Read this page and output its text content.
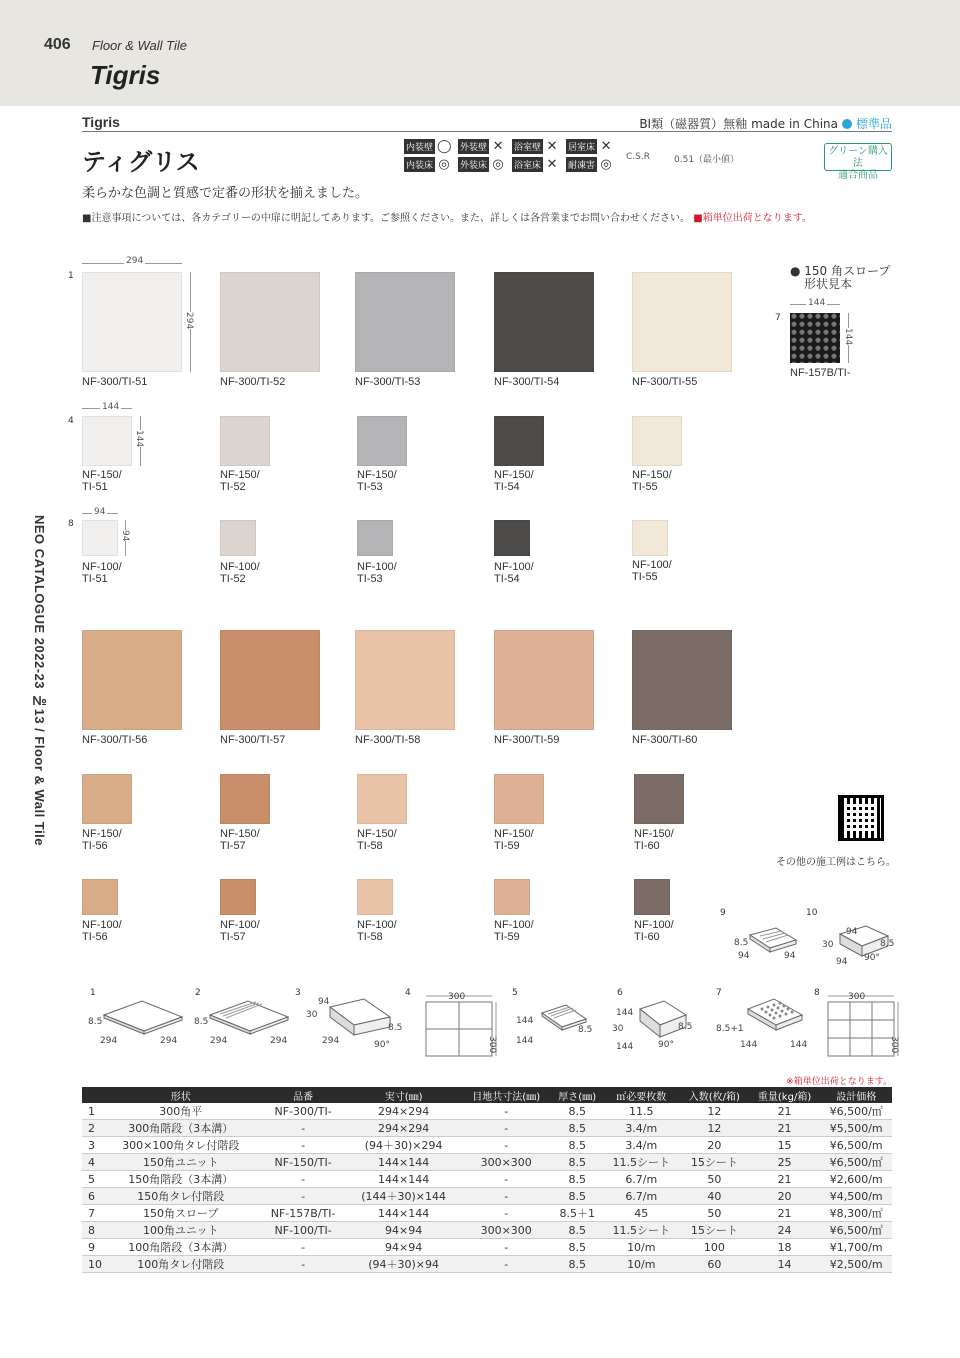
406 Floor & Wall Tile
Tigris
NEO CATALOGUE 2022-23 №13 / Floor & Wall Tile
Tigris	BⅠ類（磁器質）無釉 made in China 標準品
ティグリス	内装壁 ◯ 外装壁 ✕ 浴室壁 ✕ 居室床 ✕
内装床 ◎ 外装床 ◎ 浴室床 ✕ 耐凍害 ◎ C.S.R	0.51（最小値）
グリーン購入法
適合商品
柔らかな色調と質感で定番の形状を揃えました。
■注意事項については、各カテゴリーの中扉に明記してあります。ご参照ください。また、詳しくは各営業までお問い合わせください。 ■箱単位出荷となります。
1
4
8
294
294
144
144
94
94
NF-300/TI-51	NF-300/TI-52	NF-300/TI-53	NF-300/TI-54	NF-300/TI-55
NF-150/
TI-51
NF-150/
TI-52
NF-150/
TI-53
NF-150/
TI-54
NF-150/
TI-55
NF-100/
TI-51
NF-100/
TI-52
NF-100/
TI-53
NF-100/
TI-54
NF-100/
TI-55
● 150 角スロープ
形状見本
144
7
144
NF-157B/TI-
NF-300/TI-56	NF-300/TI-57	NF-300/TI-58	NF-300/TI-59	NF-300/TI-60
NF-150/
TI-56
NF-150/
TI-57
NF-150/
TI-58
NF-150/
TI-59
NF-150/
TI-60
NF-100/
TI-56
NF-100/
TI-57
NF-100/
TI-58
NF-100/
TI-59
NF-100/
TI-60
その他の施工例はこちら。
9	10
8.5
94	94
94
30	8.5
94 90°
1	2	3	4	5	6	7	8
8.5
294	294
8.5
294	294
94
30
8.5
294	90°
300
300
144
8.5
144
144
30	8.5
144	90°
8.5+1
144	144
300
300
※箱単位出荷となります。
	形状	品番	実寸(㎜)	目地共寸法(㎜)	厚さ(㎜)	㎡必要枚数	入数(枚/箱)	重量(kg/箱)	設計価格
1	300角平	NF-300/TI-	294×294	-	8.5	11.5	12	21	¥6,500/㎡
2	300角階段（3本溝）	-	294×294	-	8.5	3.4/m	12	21	¥5,500/m
3	300×100角タレ付階段	-	(94＋30)×294	-	8.5	3.4/m	20	15	¥6,500/m
4	150角ユニット	NF-150/TI-	144×144	300×300	8.5	11.5シート	15シート	25	¥6,500/㎡
5	150角階段（3本溝）	-	144×144	-	8.5	6.7/m	50	21	¥2,600/m
6	150角タレ付階段	-	(144＋30)×144	-	8.5	6.7/m	40	20	¥4,500/m
7	150角スロープ	NF-157B/TI-	144×144	-	8.5＋1	45	50	21	¥8,300/㎡
8	100角ユニット	NF-100/TI-	94×94	300×300	8.5	11.5シート	15シート	24	¥6,500/㎡
9	100角階段（3本溝）	-	94×94	-	8.5	10/m	100	18	¥1,700/m
10	100角タレ付階段	-	(94＋30)×94	-	8.5	10/m	60	14	¥2,500/m
